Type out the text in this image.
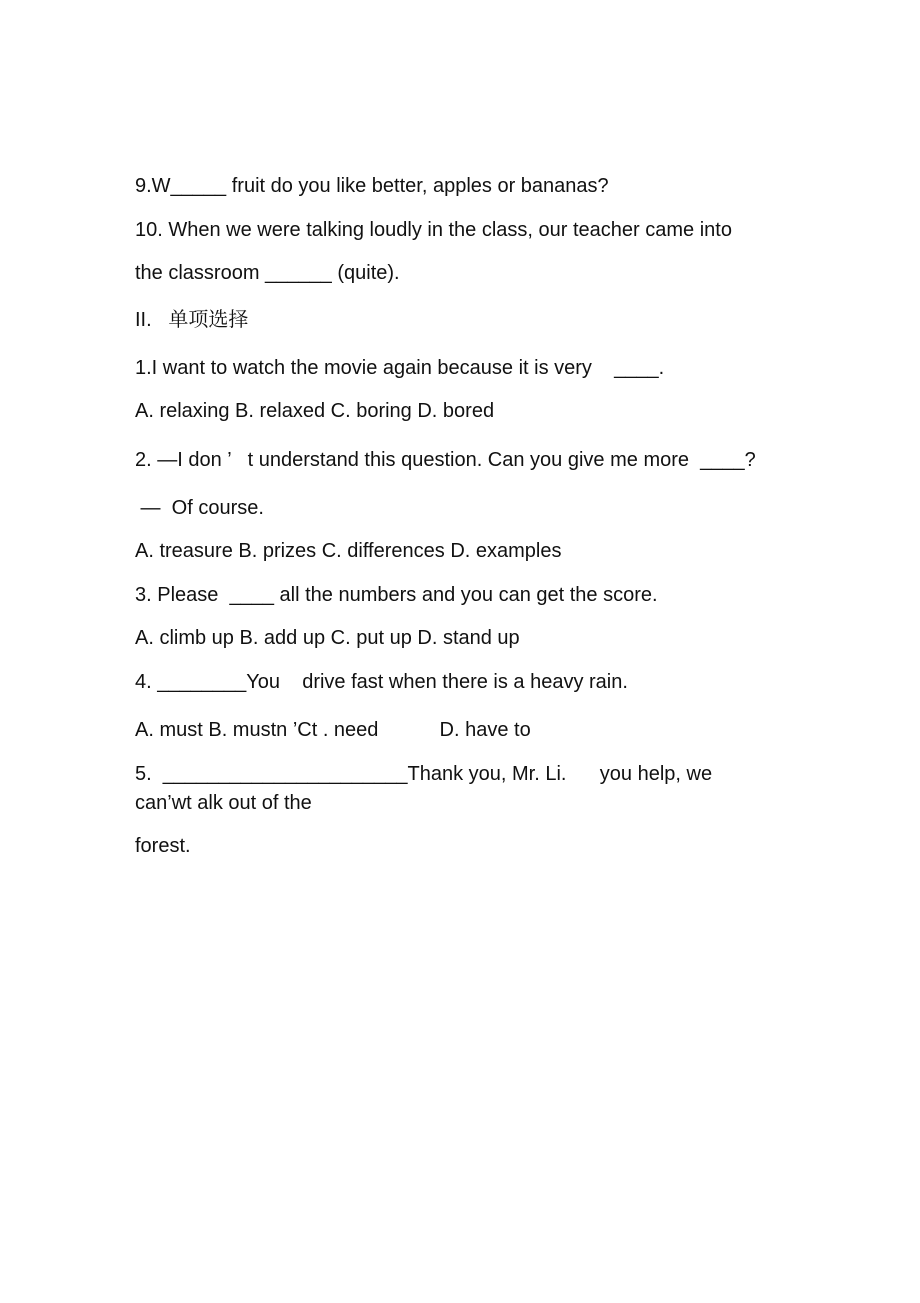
9.W_____ fruit do you like better, apples or bananas?
10. When we were talking loudly in the class, our teacher came into
the classroom ______ (quite).
II.   单项选择
1.I want to watch the movie again because it is very    ____.
A. relaxing B. relaxed C. boring D. bored
2. —I don ’   t understand this question. Can you give me more  ____?
—  Of course.
A. treasure B. prizes C. differences D. examples
3. Please  ____ all the numbers and you can get the score.
A. climb up B. add up C. put up D. stand up
4. ________You    drive fast when there is a heavy rain.
A. must B. mustn ’Ct . need           D. have to
5.  ______________________Thank you, Mr. Li.      you help, we
can’wt alk out of the
forest.
